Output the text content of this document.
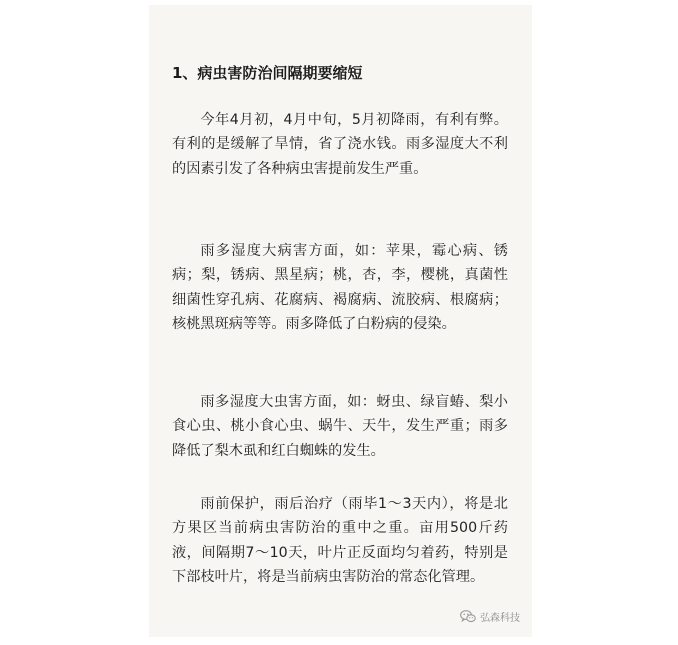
1、病虫害防治间隔期要缩短

今年4月初，4月中旬，5月初降雨，有利有弊。有利的是缓解了旱情，省了浇水钱。雨多湿度大不利的因素引发了各种病虫害提前发生严重。

雨多湿度大病害方面，如：苹果，霉心病、锈病；梨，锈病、黑星病；桃，杏，李，樱桃，真菌性细菌性穿孔病、花腐病、褐腐病、流胶病、根腐病；核桃黑斑病等等。雨多降低了白粉病的侵染。

雨多湿度大虫害方面，如：蚜虫、绿盲蝽、梨小食心虫、桃小食心虫、蜗牛、天牛，发生严重；雨多降低了梨木虱和红白蜘蛛的发生。

雨前保护，雨后治疗（雨毕1～3天内），将是北方果区当前病虫害防治的重中之重。亩用500斤药液，间隔期7～10天，叶片正反面均匀着药，特别是下部枝叶片，将是当前病虫害防治的常态化管理。

弘森科技
